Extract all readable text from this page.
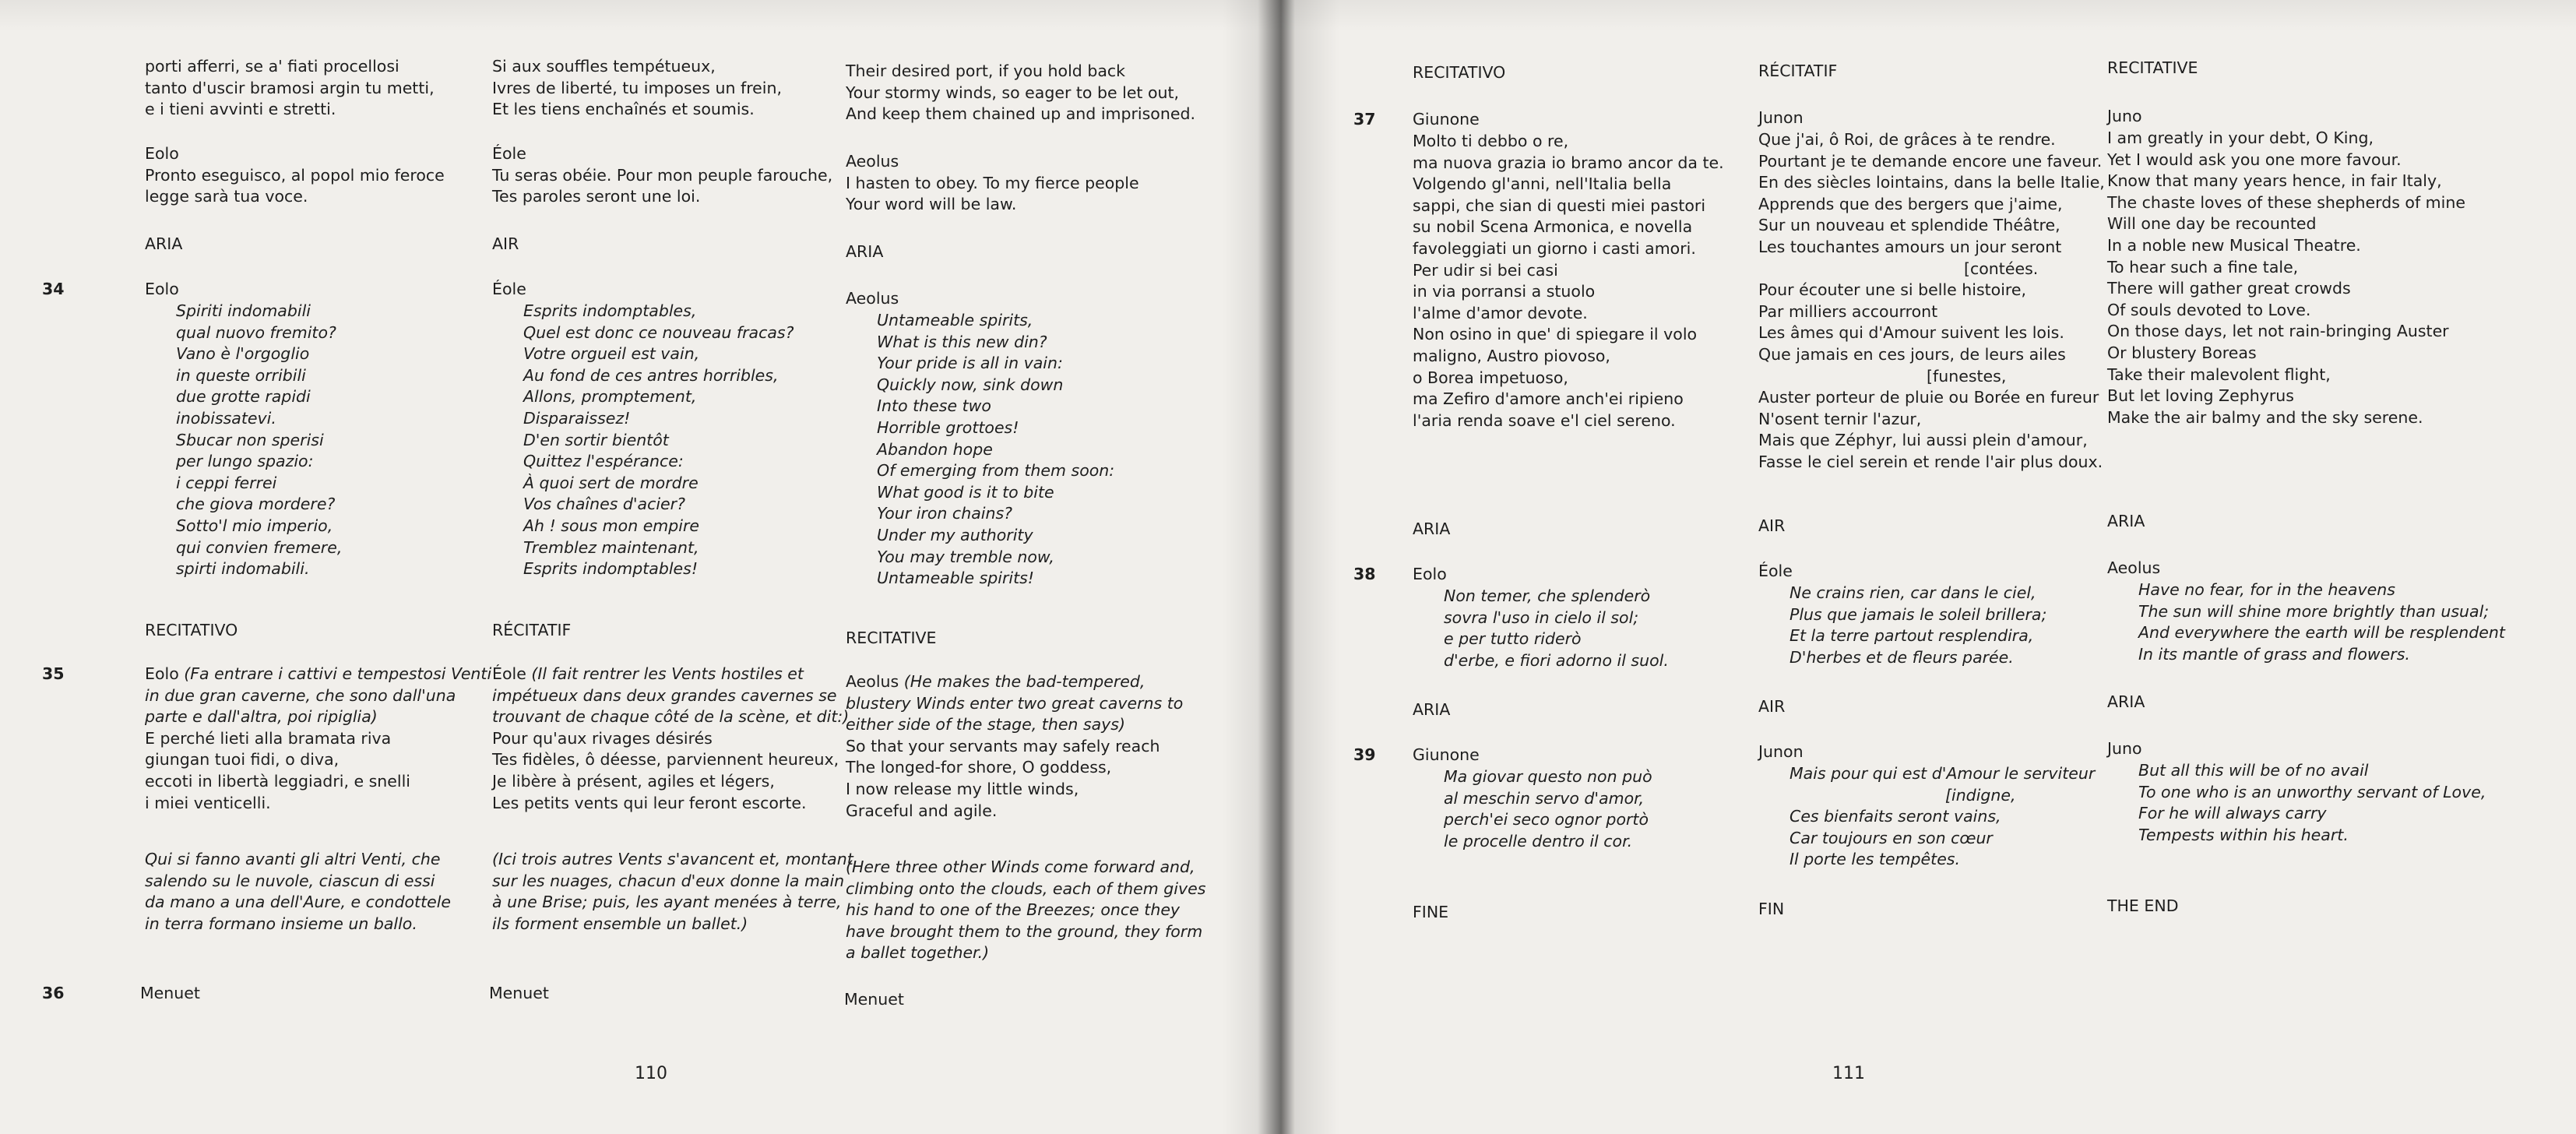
34
35
36
porti afferri, se a' fiati procellosi
tanto d'uscir bramosi argin tu metti,
e i tieni avvinti e stretti.
Eolo
Pronto eseguisco, al popol mio feroce
legge sarà tua voce.
ARIA
Eolo
Spiriti indomabili
qual nuovo fremito?
Vano è l'orgoglio
in queste orribili
due grotte rapidi
inobissatevi.
Sbucar non sperisi
per lungo spazio:
i ceppi ferrei
che giova mordere?
Sotto'l mio imperio,
qui convien fremere,
spirti indomabili.
RECITATIVO
Eolo (Fa entrare i cattivi e tempestosi Venti
in due gran caverne, che sono dall'una
parte e dall'altra, poi ripiglia)
E perché lieti alla bramata riva
giungan tuoi fidi, o diva,
eccoti in libertà leggiadri, e snelli
i miei venticelli.
Qui si fanno avanti gli altri Venti, che
salendo su le nuvole, ciascun di essi
da mano a una dell'Aure, e condottele
in terra formano insieme un ballo.
Menuet
Si aux souffles tempétueux,
Ivres de liberté, tu imposes un frein,
Et les tiens enchaînés et soumis.
Éole
Tu seras obéie. Pour mon peuple farouche,
Tes paroles seront une loi.
AIR
Éole
Esprits indomptables,
Quel est donc ce nouveau fracas?
Votre orgueil est vain,
Au fond de ces antres horribles,
Allons, promptement,
Disparaissez!
D'en sortir bientôt
Quittez l'espérance:
À quoi sert de mordre
Vos chaînes d'acier?
Ah ! sous mon empire
Tremblez maintenant,
Esprits indomptables!
RÉCITATIF
Éole (Il fait rentrer les Vents hostiles et
impétueux dans deux grandes cavernes se
trouvant de chaque côté de la scène, et dit:)
Pour qu'aux rivages désirés
Tes fidèles, ô déesse, parviennent heureux,
Je libère à présent, agiles et légers,
Les petits vents qui leur feront escorte.
(Ici trois autres Vents s'avancent et, montant
sur les nuages, chacun d'eux donne la main
à une Brise; puis, les ayant menées à terre,
ils forment ensemble un ballet.)
Menuet
Their desired port, if you hold back
Your stormy winds, so eager to be let out,
And keep them chained up and imprisoned.
Aeolus
I hasten to obey. To my fierce people
Your word will be law.
ARIA
Aeolus
Untameable spirits,
What is this new din?
Your pride is all in vain:
Quickly now, sink down
Into these two
Horrible grottoes!
Abandon hope
Of emerging from them soon:
What good is it to bite
Your iron chains?
Under my authority
You may tremble now,
Untameable spirits!
RECITATIVE
Aeolus (He makes the bad-tempered,
blustery Winds enter two great caverns to
either side of the stage, then says)
So that your servants may safely reach
The longed-for shore, O goddess,
I now release my little winds,
Graceful and agile.
(Here three other Winds come forward and,
climbing onto the clouds, each of them gives
his hand to one of the Breezes; once they
have brought them to the ground, they form
a ballet together.)
Menuet
110
37
38
39
RECITATIVO
Giunone
Molto ti debbo o re,
ma nuova grazia io bramo ancor da te.
Volgendo gl'anni, nell'Italia bella
sappi, che sian di questi miei pastori
su nobil Scena Armonica, e novella
favoleggiati un giorno i casti amori.
Per udir si bei casi
in via porransi a stuolo
l'alme d'amor devote.
Non osino in que' di spiegare il volo
maligno, Austro piovoso,
o Borea impetuoso,
ma Zefiro d'amore anch'ei ripieno
l'aria renda soave e'l ciel sereno.
ARIA
Eolo
Non temer, che splenderò
sovra l'uso in cielo il sol;
e per tutto riderò
d'erbe, e fiori adorno il suol.
ARIA
Giunone
Ma giovar questo non può
al meschin servo d'amor,
perch'ei seco ognor portò
le procelle dentro il cor.
FINE
RÉCITATIF
Junon
Que j'ai, ô Roi, de grâces à te rendre.
Pourtant je te demande encore une faveur.
En des siècles lointains, dans la belle Italie,
Apprends que des bergers que j'aime,
Sur un nouveau et splendide Théâtre,
Les touchantes amours un jour seront
[contées.
Pour écouter une si belle histoire,
Par milliers accourront
Les âmes qui d'Amour suivent les lois.
Que jamais en ces jours, de leurs ailes
[funestes,
Auster porteur de pluie ou Borée en fureur
N'osent ternir l'azur,
Mais que Zéphyr, lui aussi plein d'amour,
Fasse le ciel serein et rende l'air plus doux.
AIR
Éole
Ne crains rien, car dans le ciel,
Plus que jamais le soleil brillera;
Et la terre partout resplendira,
D'herbes et de fleurs parée.
AIR
Junon
Mais pour qui est d'Amour le serviteur
[indigne,
Ces bienfaits seront vains,
Car toujours en son cœur
Il porte les tempêtes.
FIN
RECITATIVE
Juno
I am greatly in your debt, O King,
Yet I would ask you one more favour.
Know that many years hence, in fair Italy,
The chaste loves of these shepherds of mine
Will one day be recounted
In a noble new Musical Theatre.
To hear such a fine tale,
There will gather great crowds
Of souls devoted to Love.
On those days, let not rain-bringing Auster
Or blustery Boreas
Take their malevolent flight,
But let loving Zephyrus
Make the air balmy and the sky serene.
ARIA
Aeolus
Have no fear, for in the heavens
The sun will shine more brightly than usual;
And everywhere the earth will be resplendent
In its mantle of grass and flowers.
ARIA
Juno
But all this will be of no avail
To one who is an unworthy servant of Love,
For he will always carry
Tempests within his heart.
THE END
111
